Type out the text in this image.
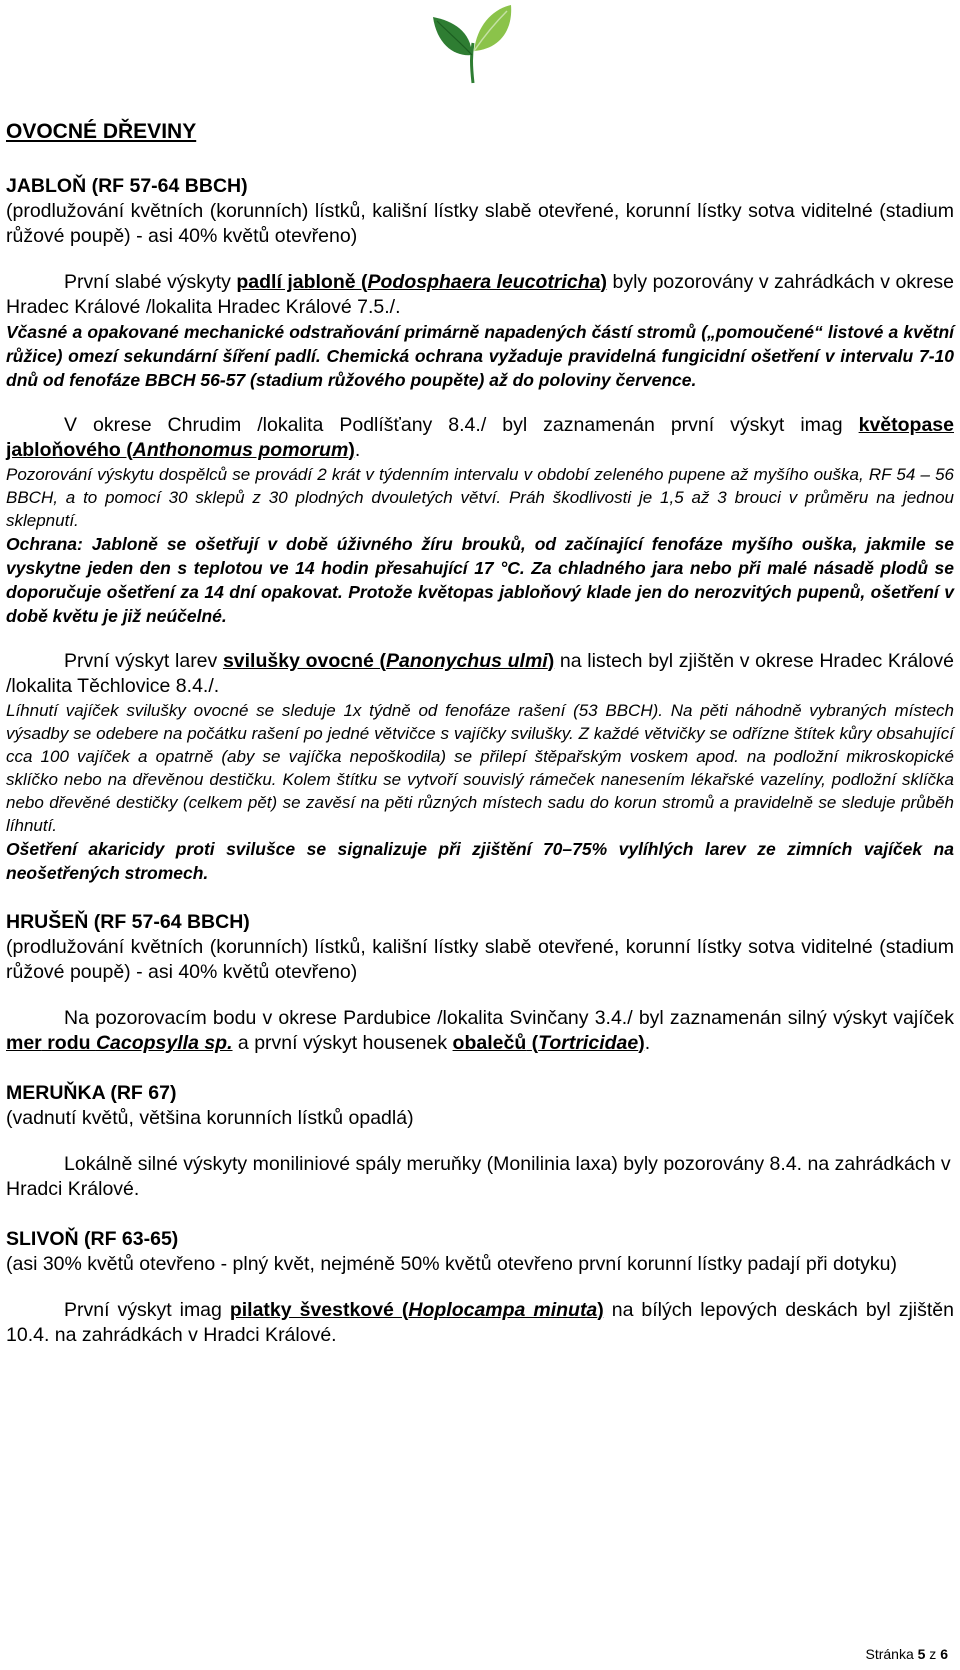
OVOCNÉ DŘEVINY
JABLOŇ (RF 57-64 BBCH)

(prodlužování květních (korunních) lístků, kališní lístky slabě otevřené, korunní lístky sotva viditelné (stadium růžové poupě) - asi 40% květů otevřeno)

První slabé výskyty padlí jabloně (Podosphaera leucotricha) byly pozorovány v zahrádkách v okrese Hradec Králové /lokalita Hradec Králové 7.5./.

Včasné a opakované mechanické odstraňování primárně napadených částí stromů („pomoučené“ listové a květní růžice) omezí sekundární šíření padlí. Chemická ochrana vyžaduje pravidelná fungicidní ošetření v intervalu 7-10 dnů od fenofáze BBCH 56-57 (stadium růžového poupěte) až do poloviny července.

V okrese Chrudim /lokalita Podlíšťany 8.4./ byl zaznamenán první výskyt imag květopase jabloňového (Anthonomus pomorum).

Pozorování výskytu dospělců se provádí 2 krát v týdenním intervalu v období zeleného pupene až myšího ouška, RF 54 – 56 BBCH, a to pomocí 30 sklepů z 30 plodných dvouletých větví. Práh škodlivosti je 1,5 až 3 brouci v průměru na jednou sklepnutí.

Ochrana: Jabloně se ošetřují v době úživného žíru brouků, od začínající fenofáze myšího ouška, jakmile se vyskytne jeden den s teplotou ve 14 hodin přesahující 17 °C. Za chladného jara nebo při malé násadě plodů se doporučuje ošetření za 14 dní opakovat. Protože květopas jabloňový klade jen do nerozvitých pupenů, ošetření v době květu je již neúčelné.

První výskyt larev svilušky ovocné (Panonychus ulmi) na listech byl zjištěn v okrese Hradec Králové /lokalita Těchlovice 8.4./.

Líhnutí vajíček svilušky ovocné se sleduje 1x týdně od fenofáze rašení (53 BBCH). Na pěti náhodně vybraných místech výsadby se odebere na počátku rašení po jedné větvičce s vajíčky svilušky. Z každé větvičky se odřízne štítek kůry obsahující cca 100 vajíček a opatrně (aby se vajíčka nepoškodila) se přilepí štěpařským voskem apod. na podložní mikroskopické sklíčko nebo na dřevěnou destičku. Kolem štítku se vytvoří souvislý rámeček nanesením lékařské vazelíny, podložní sklíčka nebo dřevěné destičky (celkem pět) se zavěsí na pěti různých místech sadu do korun stromů a pravidelně se sleduje průběh líhnutí.

Ošetření akaricidy proti svilušce se signalizuje při zjištění 70–75% vylíhlých larev ze zimních vajíček na neošetřených stromech.

HRUŠEŇ (RF 57-64 BBCH)

(prodlužování květních (korunních) lístků, kališní lístky slabě otevřené, korunní lístky sotva viditelné (stadium růžové poupě) - asi 40% květů otevřeno)

Na pozorovacím bodu v okrese Pardubice /lokalita Svinčany 3.4./ byl zaznamenán silný výskyt vajíček mer rodu Cacopsylla sp. a první výskyt housenek obalečů (Tortricidae).

MERUŇKA (RF 67)

(vadnutí květů, většina korunních lístků opadlá)

Lokálně silné výskyty moniliniové spály meruňky (Monilinia laxa) byly pozorovány 8.4. na zahrádkách v Hradci Králové.

SLIVOŇ (RF 63-65)

(asi 30% květů otevřeno - plný květ, nejméně 50% květů otevřeno první korunní lístky padají při dotyku)

První výskyt imag pilatky švestkové (Hoplocampa minuta) na bílých lepových deskách byl zjištěn 10.4. na zahrádkách v Hradci Králové.

Stránka 5 z 6
